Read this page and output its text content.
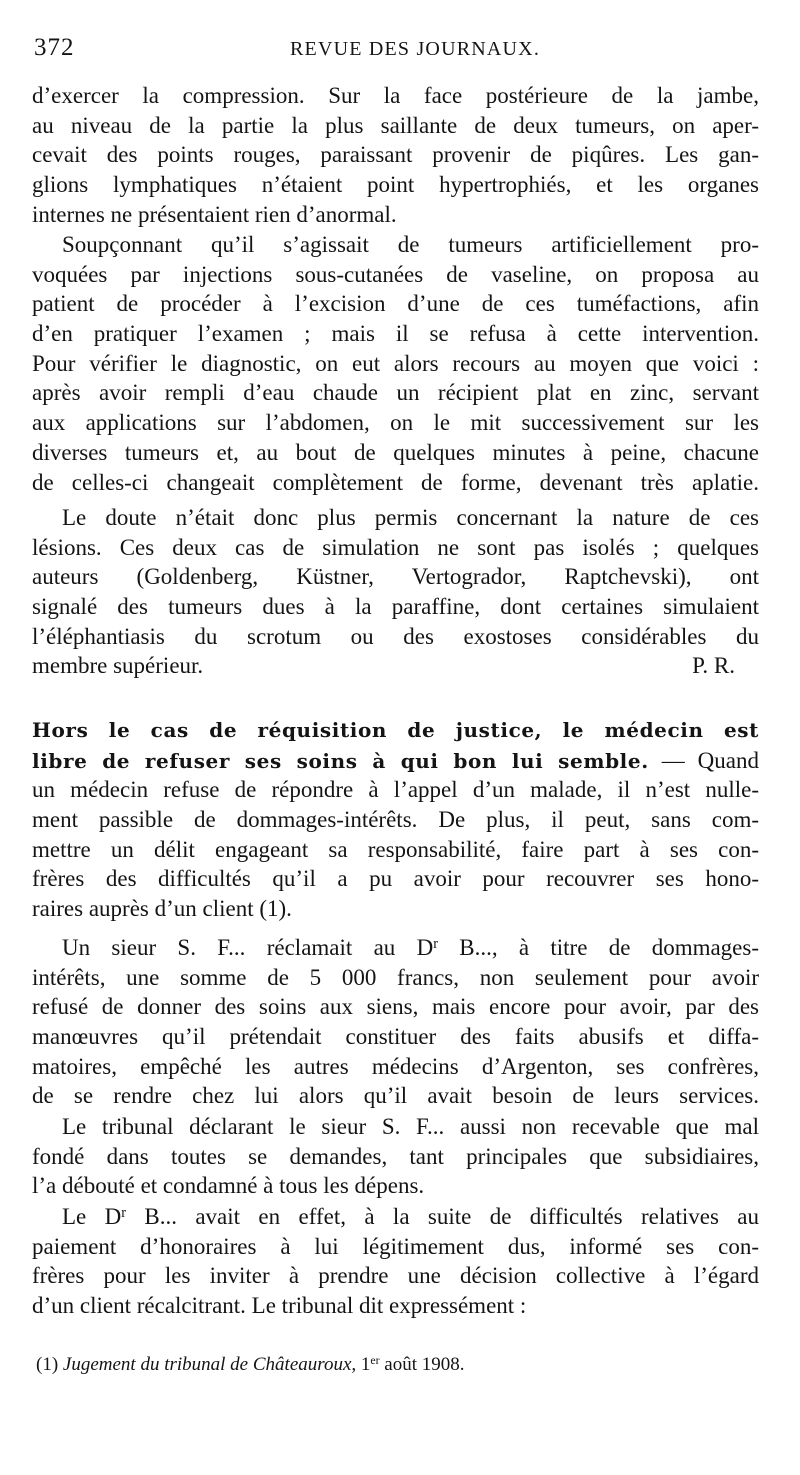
372	REVUE DES JOURNAUX.
d’exercer la compression. Sur la face postérieure de la jambe,
au niveau de la partie la plus saillante de deux tumeurs, on aper-
cevait des points rouges, paraissant provenir de piqûres. Les gan-
glions lymphatiques n’étaient point hypertrophiés, et les organes
internes ne présentaient rien d’anormal.
Soupçonnant qu’il s’agissait de tumeurs artificiellement pro-
voquées par injections sous-cutanées de vaseline, on proposa au
patient de procéder à l’excision d’une de ces tuméfactions, afin
d’en pratiquer l’examen ; mais il se refusa à cette intervention.
Pour vérifier le diagnostic, on eut alors recours au moyen que voici :
après avoir rempli d’eau chaude un récipient plat en zinc, servant
aux applications sur l’abdomen, on le mit successivement sur les
diverses tumeurs et, au bout de quelques minutes à peine, chacune
de celles-ci changeait complètement de forme, devenant très aplatie.
Le doute n’était donc plus permis concernant la nature de ces
lésions. Ces deux cas de simulation ne sont pas isolés ; quelques
auteurs (Goldenberg, Küstner, Vertogrador, Raptchevski), ont
signalé des tumeurs dues à la paraffine, dont certaines simulaient
l’éléphantiasis du scrotum ou des exostoses considérables du
membre supérieur.	P. R.
Hors le cas de réquisition de justice, le médecin est
libre de refuser ses soins à qui bon lui semble. — Quand
un médecin refuse de répondre à l’appel d’un malade, il n’est nulle-
ment passible de dommages-intérêts. De plus, il peut, sans com-
mettre un délit engageant sa responsabilité, faire part à ses con-
frères des difficultés qu’il a pu avoir pour recouvrer ses hono-
raires auprès d’un client (1).
Un sieur S. F... réclamait au $D^r$ B..., à titre de dommages-
intérêts, une somme de 5 000 francs, non seulement pour avoir
refusé de donner des soins aux siens, mais encore pour avoir, par des
manœuvres qu’il prétendait constituer des faits abusifs et diffa-
matoires, empêché les autres médecins d’Argenton, ses confrères,
de se rendre chez lui alors qu’il avait besoin de leurs services.
Le tribunal déclarant le sieur S. F... aussi non recevable que mal
fondé dans toutes se demandes, tant principales que subsidiaires,
l’a débouté et condamné à tous les dépens.
Le $D^r$ B... avait en effet, à la suite de difficultés relatives au
paiement d’honoraires à lui légitimement dus, informé ses con-
frères pour les inviter à prendre une décision collective à l’égard
d’un client récalcitrant. Le tribunal dit expressément :
(1) Jugement du tribunal de Châteauroux, 1er août 1908.
